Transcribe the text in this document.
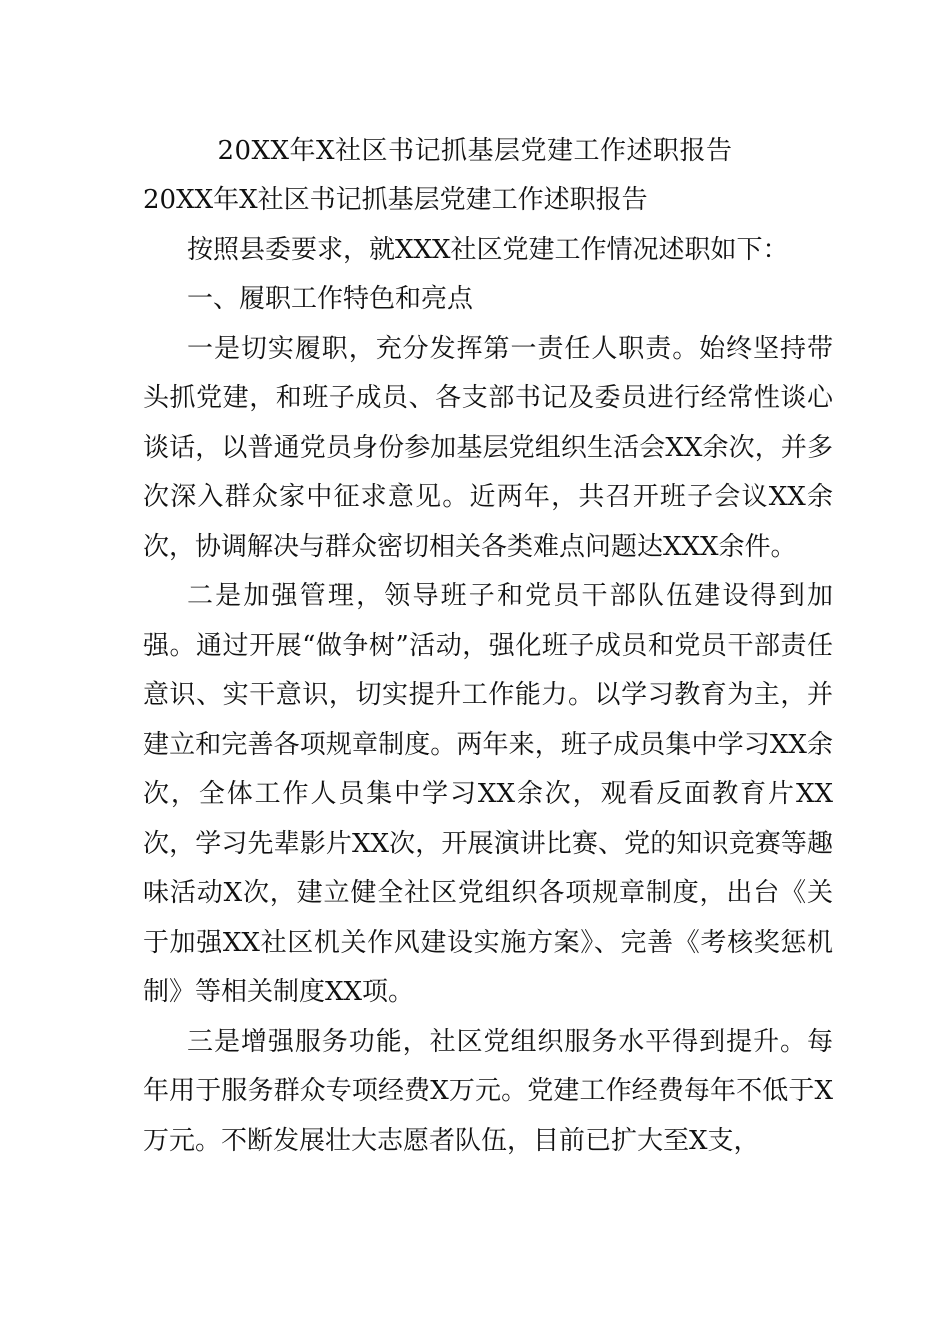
20XX年X社区书记抓基层党建工作述职报告

20XX年X社区书记抓基层党建工作述职报告

按照县委要求，就XXX社区党建工作情况述职如下：

一、履职工作特色和亮点

一是切实履职，充分发挥第一责任人职责。始终坚持带头抓党建，和班子成员、各支部书记及委员进行经常性谈心谈话，以普通党员身份参加基层党组织生活会XX余次，并多次深入群众家中征求意见。近两年，共召开班子会议XX余次，协调解决与群众密切相关各类难点问题达XXX余件。

二是加强管理，领导班子和党员干部队伍建设得到加强。通过开展“做争树”活动，强化班子成员和党员干部责任意识、实干意识，切实提升工作能力。以学习教育为主，并建立和完善各项规章制度。两年来，班子成员集中学习XX余次，全体工作人员集中学习XX余次，观看反面教育片XX次，学习先辈影片XX次，开展演讲比赛、党的知识竞赛等趣味活动X次，建立健全社区党组织各项规章制度，出台《关于加强XX社区机关作风建设实施方案》、完善《考核奖惩机制》等相关制度XX项。

三是增强服务功能，社区党组织服务水平得到提升。每年用于服务群众专项经费X万元。党建工作经费每年不低于X万元。不断发展壮大志愿者队伍，目前已扩大至X支，
